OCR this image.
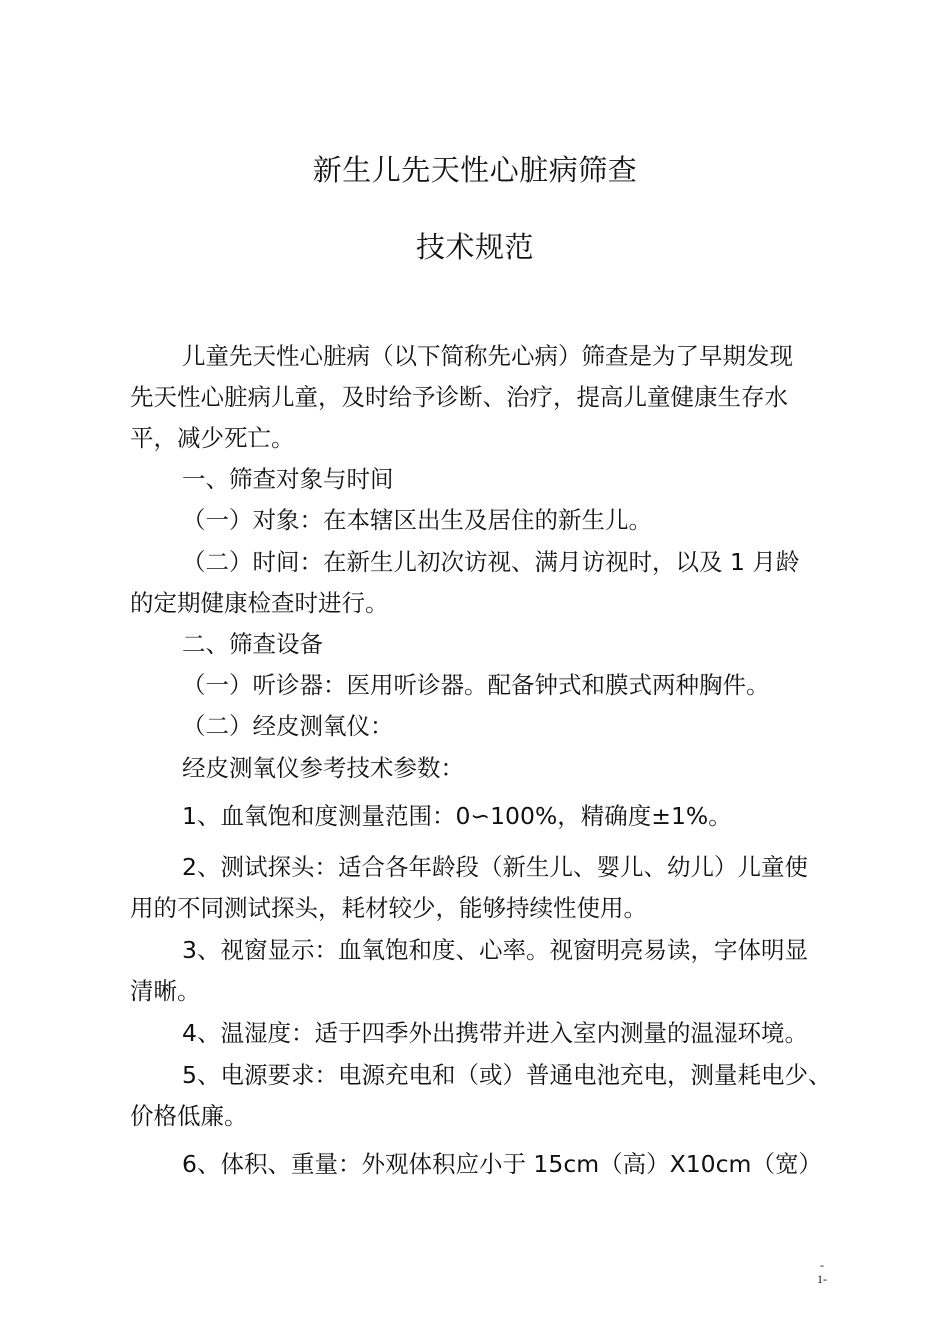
新生儿先天性心脏病筛查
技术规范

儿童先天性心脏病（以下简称先心病）筛查是为了早期发现

先天性心脏病儿童，及时给予诊断、治疗，提高儿童健康生存水

平，减少死亡。

一、筛查对象与时间

（一）对象：在本辖区出生及居住的新生儿。

（二）时间：在新生儿初次访视、满月访视时，以及 1 月龄

的定期健康检查时进行。

二、筛查设备

（一）听诊器：医用听诊器。配备钟式和膜式两种胸件。

（二）经皮测氧仪：

经皮测氧仪参考技术参数：

1、血氧饱和度测量范围：0∽100%，精确度±1%。

2、测试探头：适合各年龄段（新生儿、婴儿、幼儿）儿童使

用的不同测试探头，耗材较少，能够持续性使用。

3、视窗显示：血氧饱和度、心率。视窗明亮易读，字体明显

清晰。

4、温湿度：适于四季外出携带并进入室内测量的温湿环境。

5、电源要求：电源充电和（或）普通电池充电，测量耗电少、

价格低廉。

6、体积、重量：外观体积应小于 15cm（高）X10cm（宽）

-
1-
